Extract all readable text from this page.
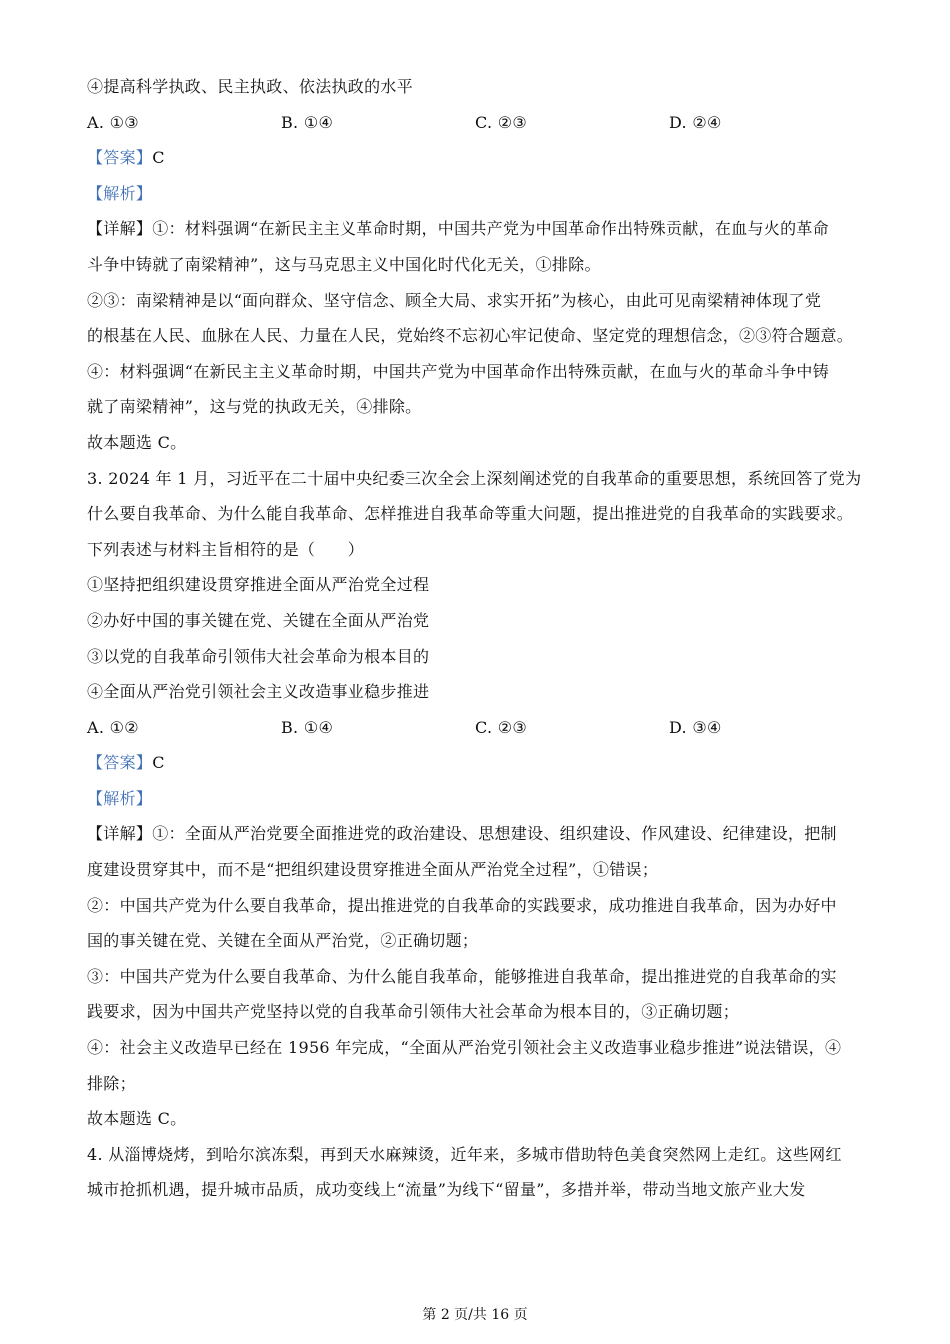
④提高科学执政、民主执政、依法执政的水平
A. ①③	B. ①④	C. ②③	D. ②④
【答案】C
【解析】
【详解】①：材料强调“在新民主主义革命时期，中国共产党为中国革命作出特殊贡献，在血与火的革命
斗争中铸就了南梁精神”，这与马克思主义中国化时代化无关，①排除。
②③：南梁精神是以“面向群众、坚守信念、顾全大局、求实开拓”为核心，由此可见南梁精神体现了党
的根基在人民、血脉在人民、力量在人民，党始终不忘初心牢记使命、坚定党的理想信念，②③符合题意。
④：材料强调“在新民主主义革命时期，中国共产党为中国革命作出特殊贡献，在血与火的革命斗争中铸
就了南梁精神”，这与党的执政无关，④排除。
故本题选 C。
3. 2024 年 1 月，习近平在二十届中央纪委三次全会上深刻阐述党的自我革命的重要思想，系统回答了党为
什么要自我革命、为什么能自我革命、怎样推进自我革命等重大问题，提出推进党的自我革命的实践要求。
下列表述与材料主旨相符的是（　　）
①坚持把组织建设贯穿推进全面从严治党全过程
②办好中国的事关键在党、关键在全面从严治党
③以党的自我革命引领伟大社会革命为根本目的
④全面从严治党引领社会主义改造事业稳步推进
A. ①②	B. ①④	C. ②③	D. ③④
【答案】C
【解析】
【详解】①：全面从严治党要全面推进党的政治建设、思想建设、组织建设、作风建设、纪律建设，把制
度建设贯穿其中，而不是“把组织建设贯穿推进全面从严治党全过程”，①错误；
②：中国共产党为什么要自我革命，提出推进党的自我革命的实践要求，成功推进自我革命，因为办好中
国的事关键在党、关键在全面从严治党，②正确切题；
③：中国共产党为什么要自我革命、为什么能自我革命，能够推进自我革命，提出推进党的自我革命的实
践要求，因为中国共产党坚持以党的自我革命引领伟大社会革命为根本目的，③正确切题；
④：社会主义改造早已经在 1956 年完成，“全面从严治党引领社会主义改造事业稳步推进”说法错误，④
排除；
故本题选 C。
4. 从淄博烧烤，到哈尔滨冻梨，再到天水麻辣烫，近年来，多城市借助特色美食突然网上走红。这些网红
城市抢抓机遇，提升城市品质，成功变线上“流量”为线下“留量”，多措并举，带动当地文旅产业大发
第 2 页/共 16 页
